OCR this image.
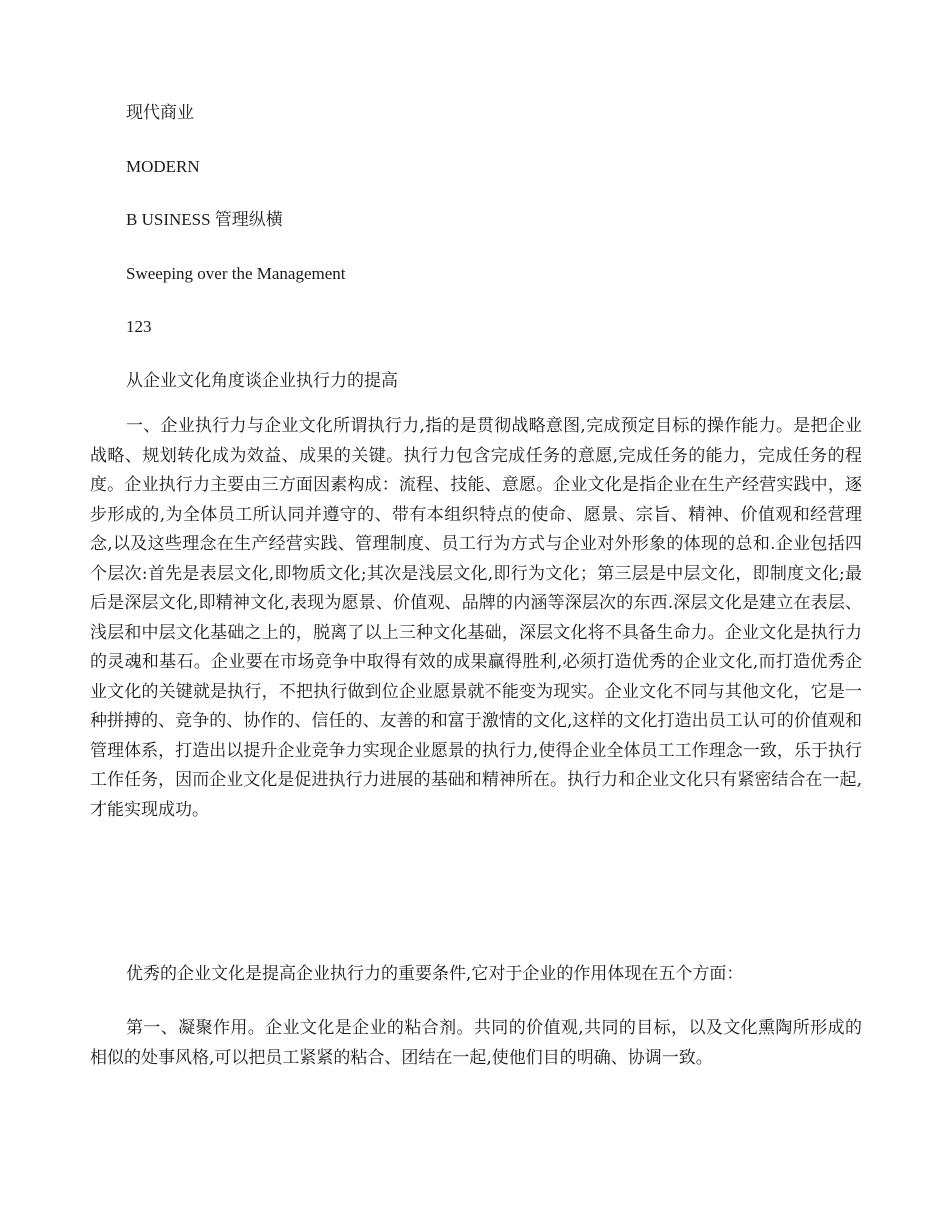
现代商业
MODERN
B USINESS 管理纵横
Sweeping over the Management
123
从企业文化角度谈企业执行力的提高

一、企业执行力与企业文化所谓执行力,指的是贯彻战略意图,完成预定目标的操作能力。是把企业战略、规划转化成为效益、成果的关键。执行力包含完成任务的意愿,完成任务的能力，完成任务的程度。企业执行力主要由三方面因素构成：流程、技能、意愿。企业文化是指企业在生产经营实践中，逐步形成的,为全体员工所认同并遵守的、带有本组织特点的使命、愿景、宗旨、精神、价值观和经营理念,以及这些理念在生产经营实践、管理制度、员工行为方式与企业对外形象的体现的总和.企业包括四个层次:首先是表层文化,即物质文化;其次是浅层文化,即行为文化；第三层是中层文化，即制度文化;最后是深层文化,即精神文化,表现为愿景、价值观、品牌的内涵等深层次的东西.深层文化是建立在表层、浅层和中层文化基础之上的，脱离了以上三种文化基础，深层文化将不具备生命力。企业文化是执行力的灵魂和基石。企业要在市场竞争中取得有效的成果赢得胜利,必须打造优秀的企业文化,而打造优秀企业文化的关键就是执行，不把执行做到位企业愿景就不能变为现实。企业文化不同与其他文化，它是一种拼搏的、竞争的、协作的、信任的、友善的和富于激情的文化,这样的文化打造出员工认可的价值观和管理体系，打造出以提升企业竞争力实现企业愿景的执行力,使得企业全体员工工作理念一致，乐于执行工作任务，因而企业文化是促进执行力进展的基础和精神所在。执行力和企业文化只有紧密结合在一起,才能实现成功。

优秀的企业文化是提高企业执行力的重要条件,它对于企业的作用体现在五个方面：

第一、凝聚作用。企业文化是企业的粘合剂。共同的价值观,共同的目标，以及文化熏陶所形成的相似的处事风格,可以把员工紧紧的粘合、团结在一起,使他们目的明确、协调一致。
